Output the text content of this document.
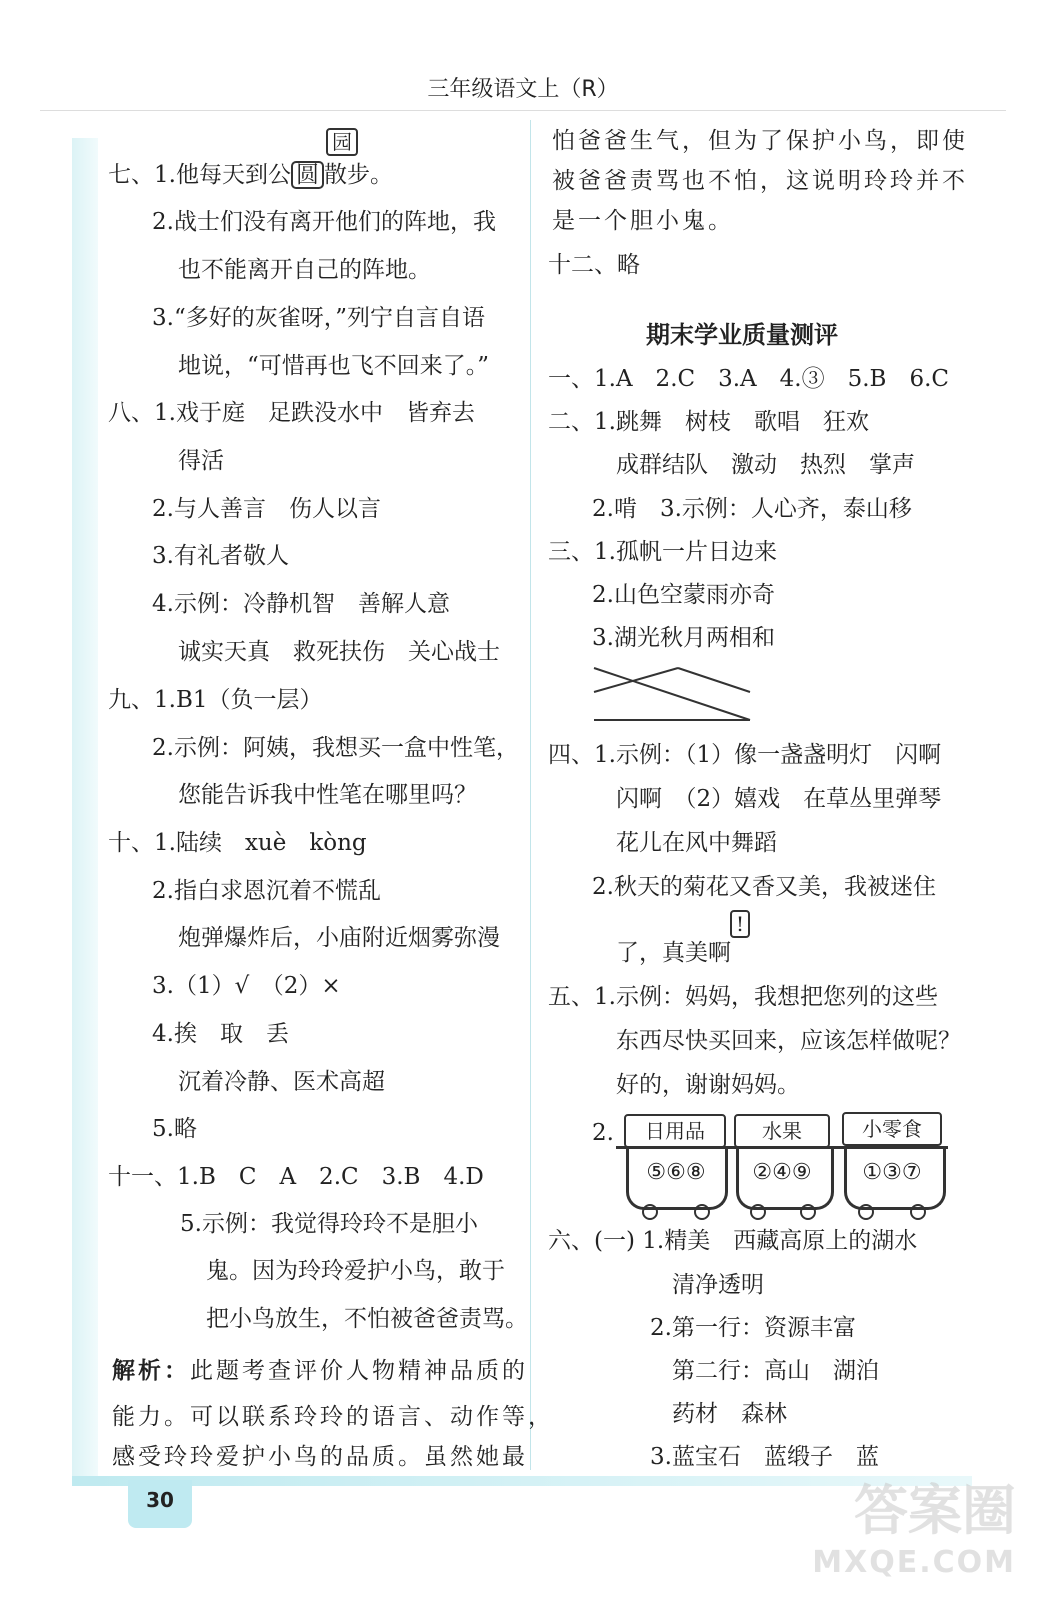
三年级语文上（R）
园
七、1.他每天到公 圆 散步。
2.战士们没有离开他们的阵地，我
也不能离开自己的阵地。
3.“多好的灰雀呀，”列宁自言自语
地说，“可惜再也飞不回来了。”
八、1.戏于庭　足跌没水中　皆弃去
得活
2.与人善言　伤人以言
3.有礼者敬人
4.示例：冷静机智　善解人意
诚实天真　救死扶伤　关心战士
九、1.B1（负一层）
2.示例：阿姨，我想买一盒中性笔，
您能告诉我中性笔在哪里吗？
十、1.陆续　xuè　kòng
2.指白求恩沉着不慌乱
炮弹爆炸后，小庙附近烟雾弥漫
3.（1）√　（2）×
4.挨　取　丢
沉着冷静、医术高超
5.略
十一、1.B　C　A　2.C　3.B　4.D
5.示例：我觉得玲玲不是胆小
鬼。因为玲玲爱护小鸟，敢于
把小鸟放生，不怕被爸爸责骂。
解析：此题考查评价人物精神品质的
能力。可以联系玲玲的语言、动作等，
感受玲玲爱护小鸟的品质。虽然她最
怕爸爸生气，但为了保护小鸟，即使
被爸爸责骂也不怕，这说明玲玲并不
是一个胆小鬼。
十二、略
期末学业质量测评
一、1.A　2.C　3.A　4.③　5.B　6.C
二、1.跳舞　树枝　歌唱　狂欢
成群结队　激动　热烈　掌声
2.啃　3.示例：人心齐，泰山移
三、1.孤帆一片日边来
2.山色空蒙雨亦奇
3.湖光秋月两相和
四、1.示例：（1）像一盏盏明灯　闪啊
闪啊　（2）嬉戏　在草丛里弹琴
花儿在风中舞蹈
2.秋天的菊花又香又美，我被迷住
!
了，真美啊
五、1.示例：妈妈，我想把您列的这些
东西尽快买回来，应该怎样做呢？
好的，谢谢妈妈。
2.	日用品
⑤⑥⑧
水果
②④⑨
小零食
①③⑦
六、(一) 1.精美　西藏高原上的湖水
清净透明
2.第一行：资源丰富
第二行：高山　湖泊
药材　森林
3.蓝宝石　蓝缎子　蓝
30	答案圈
MXQE.COM
